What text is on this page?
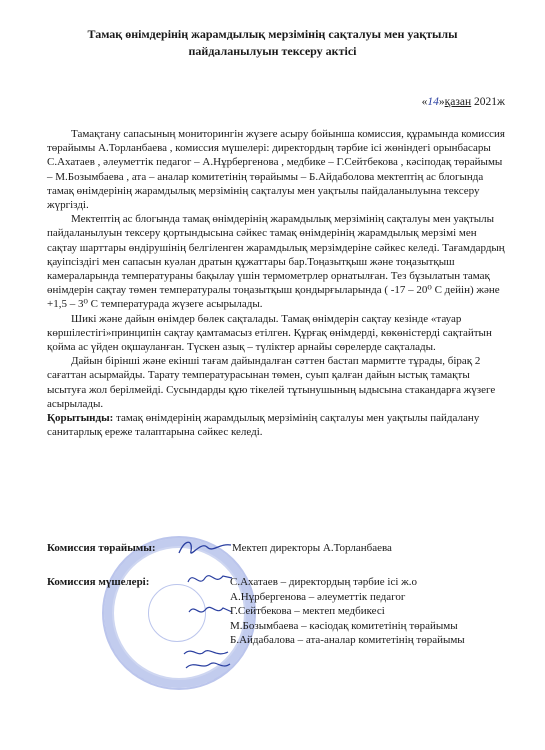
Тамақ өнімдерінің жарамдылық мерзімінің сақталуы мен уақтылы
пайдаланылуын тексеру актісі
«14»қазан 2021ж

Тамақтану сапасының мониторингін жүзеге асыру бойынша комиссия, құрамында комиссия төрайымы А.Торланбаева , комиссия мүшелері: директордың тәрбие ісі жөніндегі орынбасары С.Ахатаев , әлеуметтік педагог – А.Нұрбергенова , медбике – Г.Сейтбекова , кәсіподақ төрайымы – М.Бозымбаева , ата – аналар комитетінің төрайымы – Б.Айдаболова мектептің ас блогында тамақ өнімдерінің жарамдылық мерзімінің сақталуы мен уақтылы пайдаланылуына тексеру жүргізді.

Мектептің ас блогында тамақ өнімдерінің жарамдылық мерзімінің сақталуы мен уақтылы пайдаланылуын тексеру қортындысына сәйкес тамақ өнімдерінің жарамдылық мерзімі мен сақтау шарттары өндірушінің белгіленген жарамдылық мерзімдеріне сәйкес келеді. Тағамдардың қауіпсіздігі мен сапасын куәлан дратын құжаттары бар.Тоңазытқыш және тоңазытқыш камераларында температураны бақылау үшін термометрлер орнатылған. Тез бұзылатын тамақ өнімдерін сақтау төмен температуралы тоңазытқыш қондырғыларында ( -17 – 20⁰ С дейін) және +1,5 – 3⁰ С температурада жүзеге асырылады.

Шикі және дайын өнімдер бөлек сақталады. Тамақ өнімдерін сақтау кезінде «тауар көршілестігі»принципін сақтау қамтамасыз етілген. Құрғақ өнімдерді, көкөністерді сақтайтын қойма ас үйден оқшауланған. Түскен азық – түліктер арнайы сөрелерде сақталады.

Дайын бірінші және екінші тағам дайындалған сәттен бастап мармитте тұрады, бірақ 2 сағаттан асырмайды. Тарату температурасынан төмен, суып қалған дайын ыстық тамақты ысытуға жол берілмейді. Сусындарды құю тікелей тұтынушының ыдысына стакандарға жүзеге асырылады.

Қорытынды: тамақ өнімдерінің жарамдылық мерзімінің сақталуы мен уақтылы пайдалану санитарлық ереже талаптарына сәйкес келеді.

Комиссия төрайымы:	Мектеп директоры А.Торланбаева
Комиссия мүшелері:	С.Ахатаев – директордың тәрбие ісі ж.о
А.Нұрбергенова – әлеуметтік педагог
Г.Сейтбекова – мектеп медбикесі
М.Бозымбаева – кәсіодақ комитетінің төрайымы
Б.Айдабалова – ата-аналар комитетінің төрайымы
